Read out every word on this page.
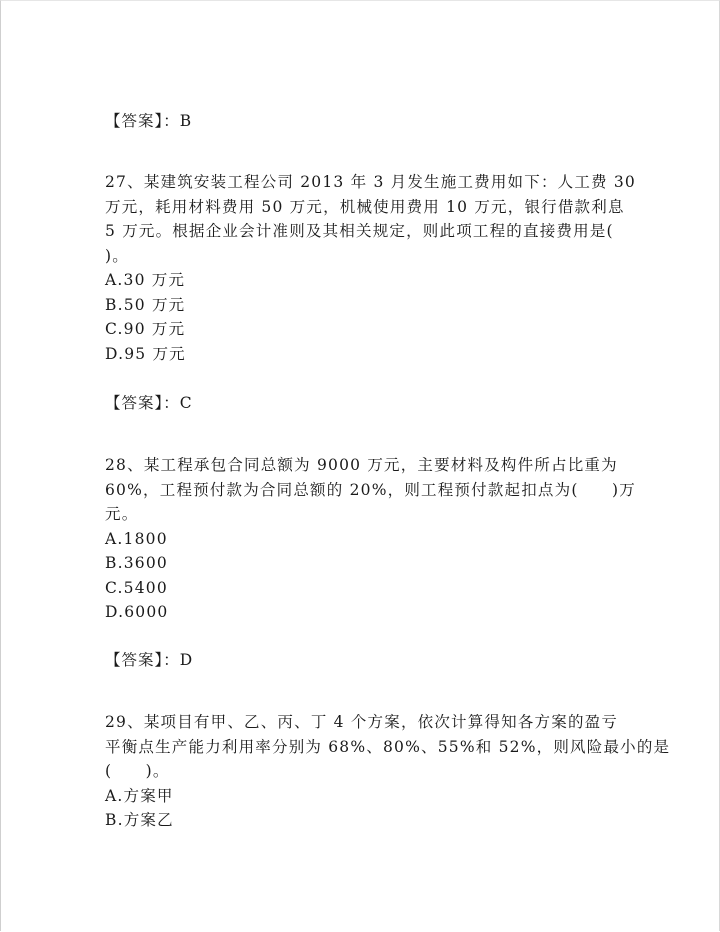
【答案】：B
27、某建筑安装工程公司 2013 年 3 月发生施工费用如下：人工费 30
万元，耗用材料费用 50 万元，机械使用费用 10 万元，银行借款利息
5 万元。根据企业会计准则及其相关规定，则此项工程的直接费用是(
)。
A.30 万元
B.50 万元
C.90 万元
D.95 万元
【答案】：C
28、某工程承包合同总额为 9000 万元，主要材料及构件所占比重为
60%，工程预付款为合同总额的 20%，则工程预付款起扣点为(　　)万
元。
A.1800
B.3600
C.5400
D.6000
【答案】：D
29、某项目有甲、乙、丙、丁 4 个方案，依次计算得知各方案的盈亏
平衡点生产能力利用率分别为 68%、80%、55%和 52%，则风险最小的是
(　　)。
A.方案甲
B.方案乙
